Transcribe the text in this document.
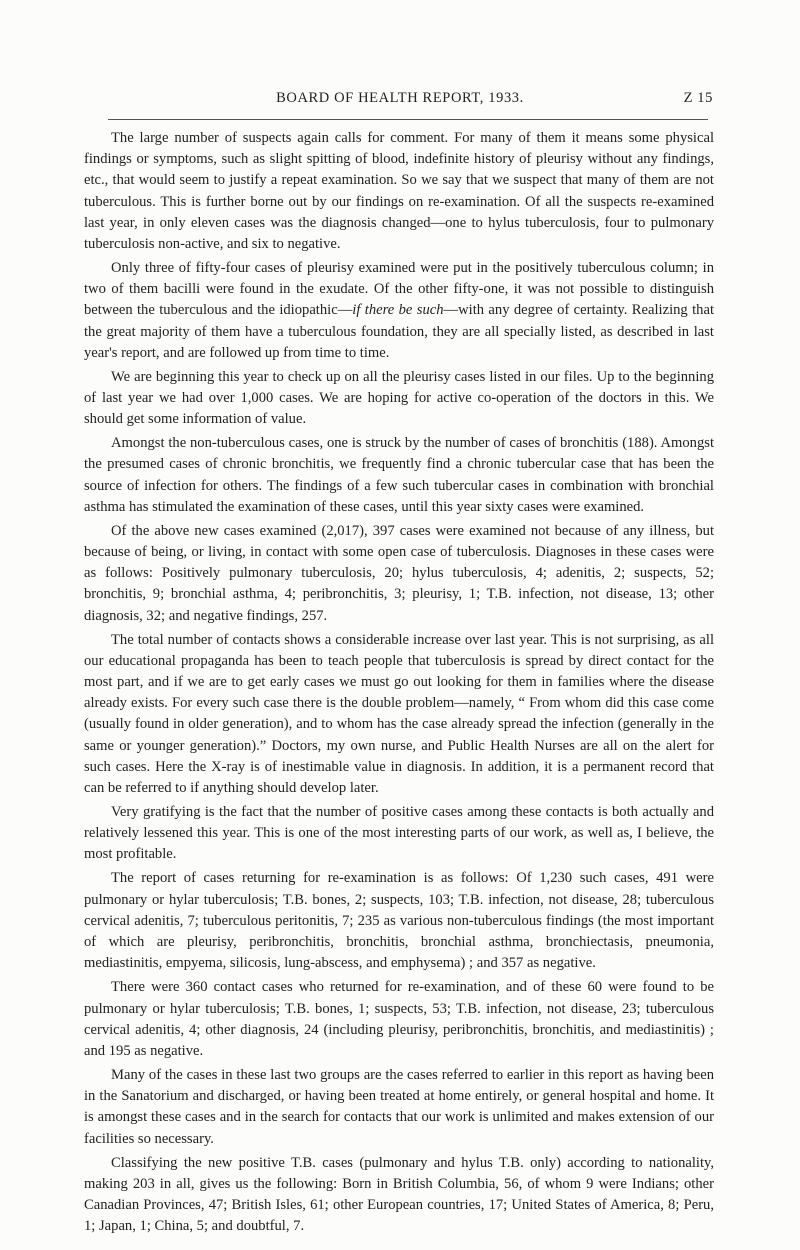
BOARD OF HEALTH REPORT, 1933.	Z 15

The large number of suspects again calls for comment. For many of them it means some physical findings or symptoms, such as slight spitting of blood, indefinite history of pleurisy without any findings, etc., that would seem to justify a repeat examination. So we say that we suspect that many of them are not tuberculous. This is further borne out by our findings on re-examination. Of all the suspects re-examined last year, in only eleven cases was the diagnosis changed—one to hylus tuberculosis, four to pulmonary tuberculosis non-active, and six to negative.

Only three of fifty-four cases of pleurisy examined were put in the positively tuberculous column; in two of them bacilli were found in the exudate. Of the other fifty-one, it was not possible to distinguish between the tuberculous and the idiopathic—if there be such—with any degree of certainty. Realizing that the great majority of them have a tuberculous foundation, they are all specially listed, as described in last year's report, and are followed up from time to time.

We are beginning this year to check up on all the pleurisy cases listed in our files. Up to the beginning of last year we had over 1,000 cases. We are hoping for active co-operation of the doctors in this. We should get some information of value.

Amongst the non-tuberculous cases, one is struck by the number of cases of bronchitis (188). Amongst the presumed cases of chronic bronchitis, we frequently find a chronic tubercular case that has been the source of infection for others. The findings of a few such tubercular cases in combination with bronchial asthma has stimulated the examination of these cases, until this year sixty cases were examined.

Of the above new cases examined (2,017), 397 cases were examined not because of any illness, but because of being, or living, in contact with some open case of tuberculosis. Diagnoses in these cases were as follows: Positively pulmonary tuberculosis, 20; hylus tuberculosis, 4; adenitis, 2; suspects, 52; bronchitis, 9; bronchial asthma, 4; peribronchitis, 3; pleurisy, 1; T.B. infection, not disease, 13; other diagnosis, 32; and negative findings, 257.

The total number of contacts shows a considerable increase over last year. This is not surprising, as all our educational propaganda has been to teach people that tuberculosis is spread by direct contact for the most part, and if we are to get early cases we must go out looking for them in families where the disease already exists. For every such case there is the double problem—namely, “ From whom did this case come (usually found in older generation), and to whom has the case already spread the infection (generally in the same or younger generation).” Doctors, my own nurse, and Public Health Nurses are all on the alert for such cases. Here the X-ray is of inestimable value in diagnosis. In addition, it is a permanent record that can be referred to if anything should develop later.

Very gratifying is the fact that the number of positive cases among these contacts is both actually and relatively lessened this year. This is one of the most interesting parts of our work, as well as, I believe, the most profitable.

The report of cases returning for re-examination is as follows: Of 1,230 such cases, 491 were pulmonary or hylar tuberculosis; T.B. bones, 2; suspects, 103; T.B. infection, not disease, 28; tuberculous cervical adenitis, 7; tuberculous peritonitis, 7; 235 as various non-tuberculous findings (the most important of which are pleurisy, peribronchitis, bronchitis, bronchial asthma, bronchiectasis, pneumonia, mediastinitis, empyema, silicosis, lung-abscess, and emphysema) ; and 357 as negative.

There were 360 contact cases who returned for re-examination, and of these 60 were found to be pulmonary or hylar tuberculosis; T.B. bones, 1; suspects, 53; T.B. infection, not disease, 23; tuberculous cervical adenitis, 4; other diagnosis, 24 (including pleurisy, peribronchitis, bronchitis, and mediastinitis) ; and 195 as negative.

Many of the cases in these last two groups are the cases referred to earlier in this report as having been in the Sanatorium and discharged, or having been treated at home entirely, or general hospital and home. It is amongst these cases and in the search for contacts that our work is unlimited and makes extension of our facilities so necessary.

Classifying the new positive T.B. cases (pulmonary and hylus T.B. only) according to nationality, making 203 in all, gives us the following: Born in British Columbia, 56, of whom 9 were Indians; other Canadian Provinces, 47; British Isles, 61; other European countries, 17; United States of America, 8; Peru, 1; Japan, 1; China, 5; and doubtful, 7.
